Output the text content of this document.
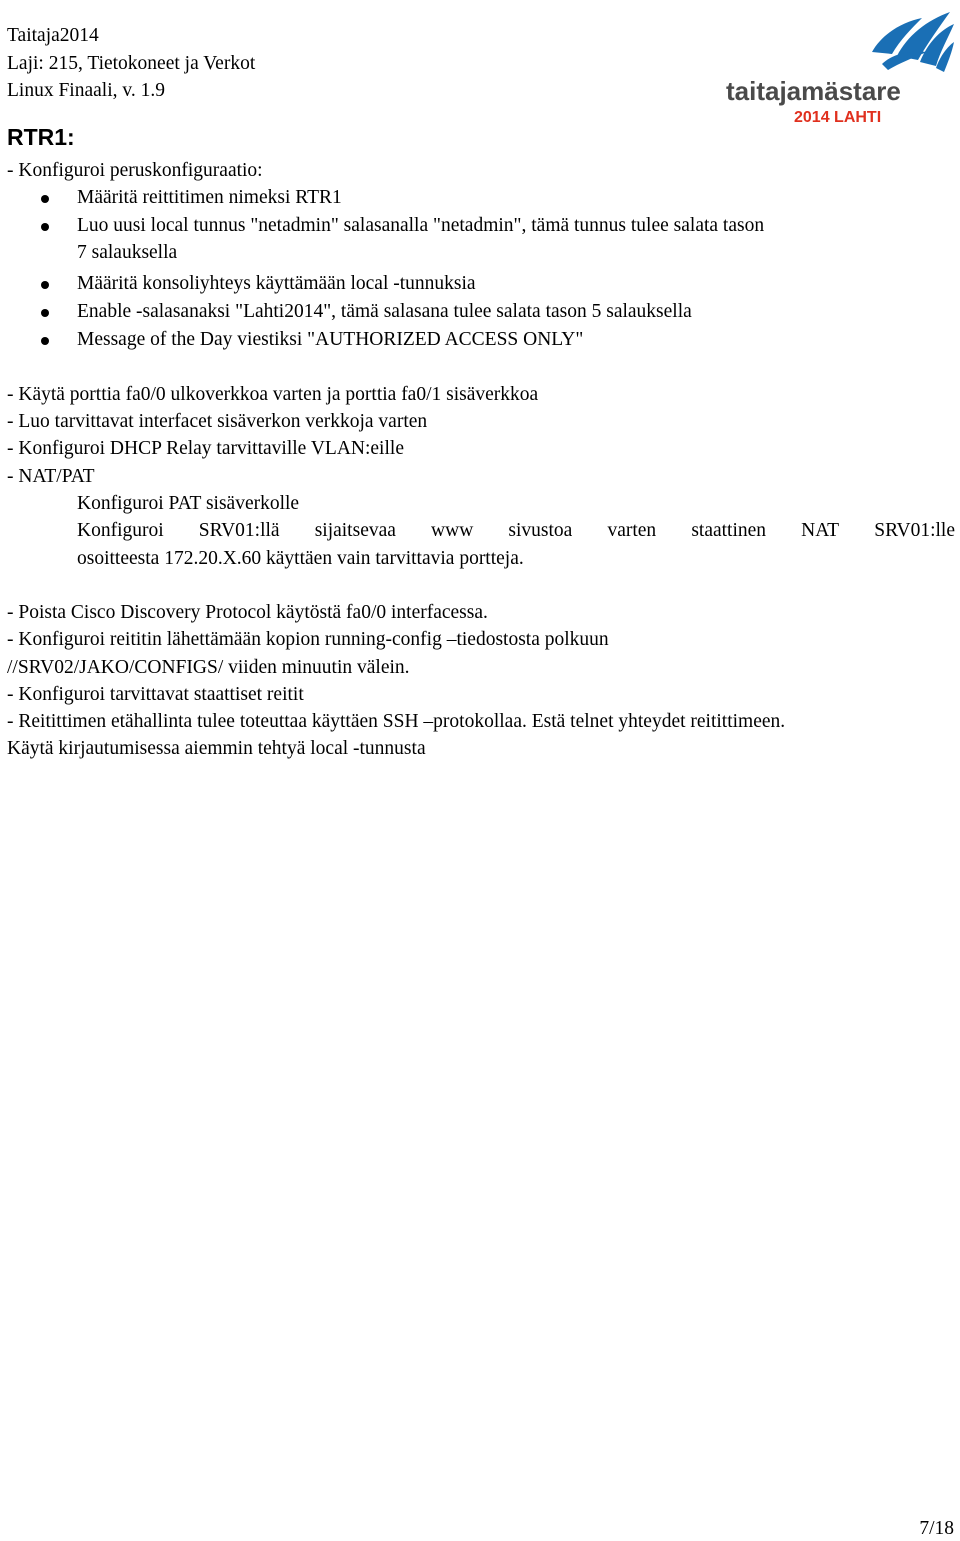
Taitaja2014
Laji: 215, Tietokoneet ja Verkot
Linux Finaali, v. 1.9	taitajamästare
2014 LAHTI
RTR1:
- Konfiguroi peruskonfiguraatio:
Määritä reittitimen nimeksi RTR1
Luo uusi local tunnus "netadmin" salasanalla "netadmin", tämä tunnus tulee salata tason
7 salauksella
Määritä konsoliyhteys käyttämään local -tunnuksia
Enable -salasanaksi "Lahti2014", tämä salasana tulee salata tason 5 salauksella
Message of the Day viestiksi "AUTHORIZED ACCESS ONLY"
- Käytä porttia fa0/0 ulkoverkkoa varten ja porttia fa0/1 sisäverkkoa
- Luo tarvittavat interfacet sisäverkon verkkoja varten
- Konfiguroi DHCP Relay tarvittaville VLAN:eille
- NAT/PAT
Konfiguroi PAT sisäverkolle
Konfiguroi SRV01:llä sijaitsevaa www sivustoa varten staattinen NAT SRV01:lle
osoitteesta 172.20.X.60 käyttäen vain tarvittavia portteja.
- Poista Cisco Discovery Protocol käytöstä fa0/0 interfacessa.
- Konfiguroi reititin lähettämään kopion running-config –tiedostosta polkuun
//SRV02/JAKO/CONFIGS/ viiden minuutin välein.
- Konfiguroi tarvittavat staattiset reitit
- Reitittimen etähallinta tulee toteuttaa käyttäen SSH –protokollaa. Estä telnet yhteydet reitittimeen.
Käytä kirjautumisessa aiemmin tehtyä local -tunnusta
7/18
